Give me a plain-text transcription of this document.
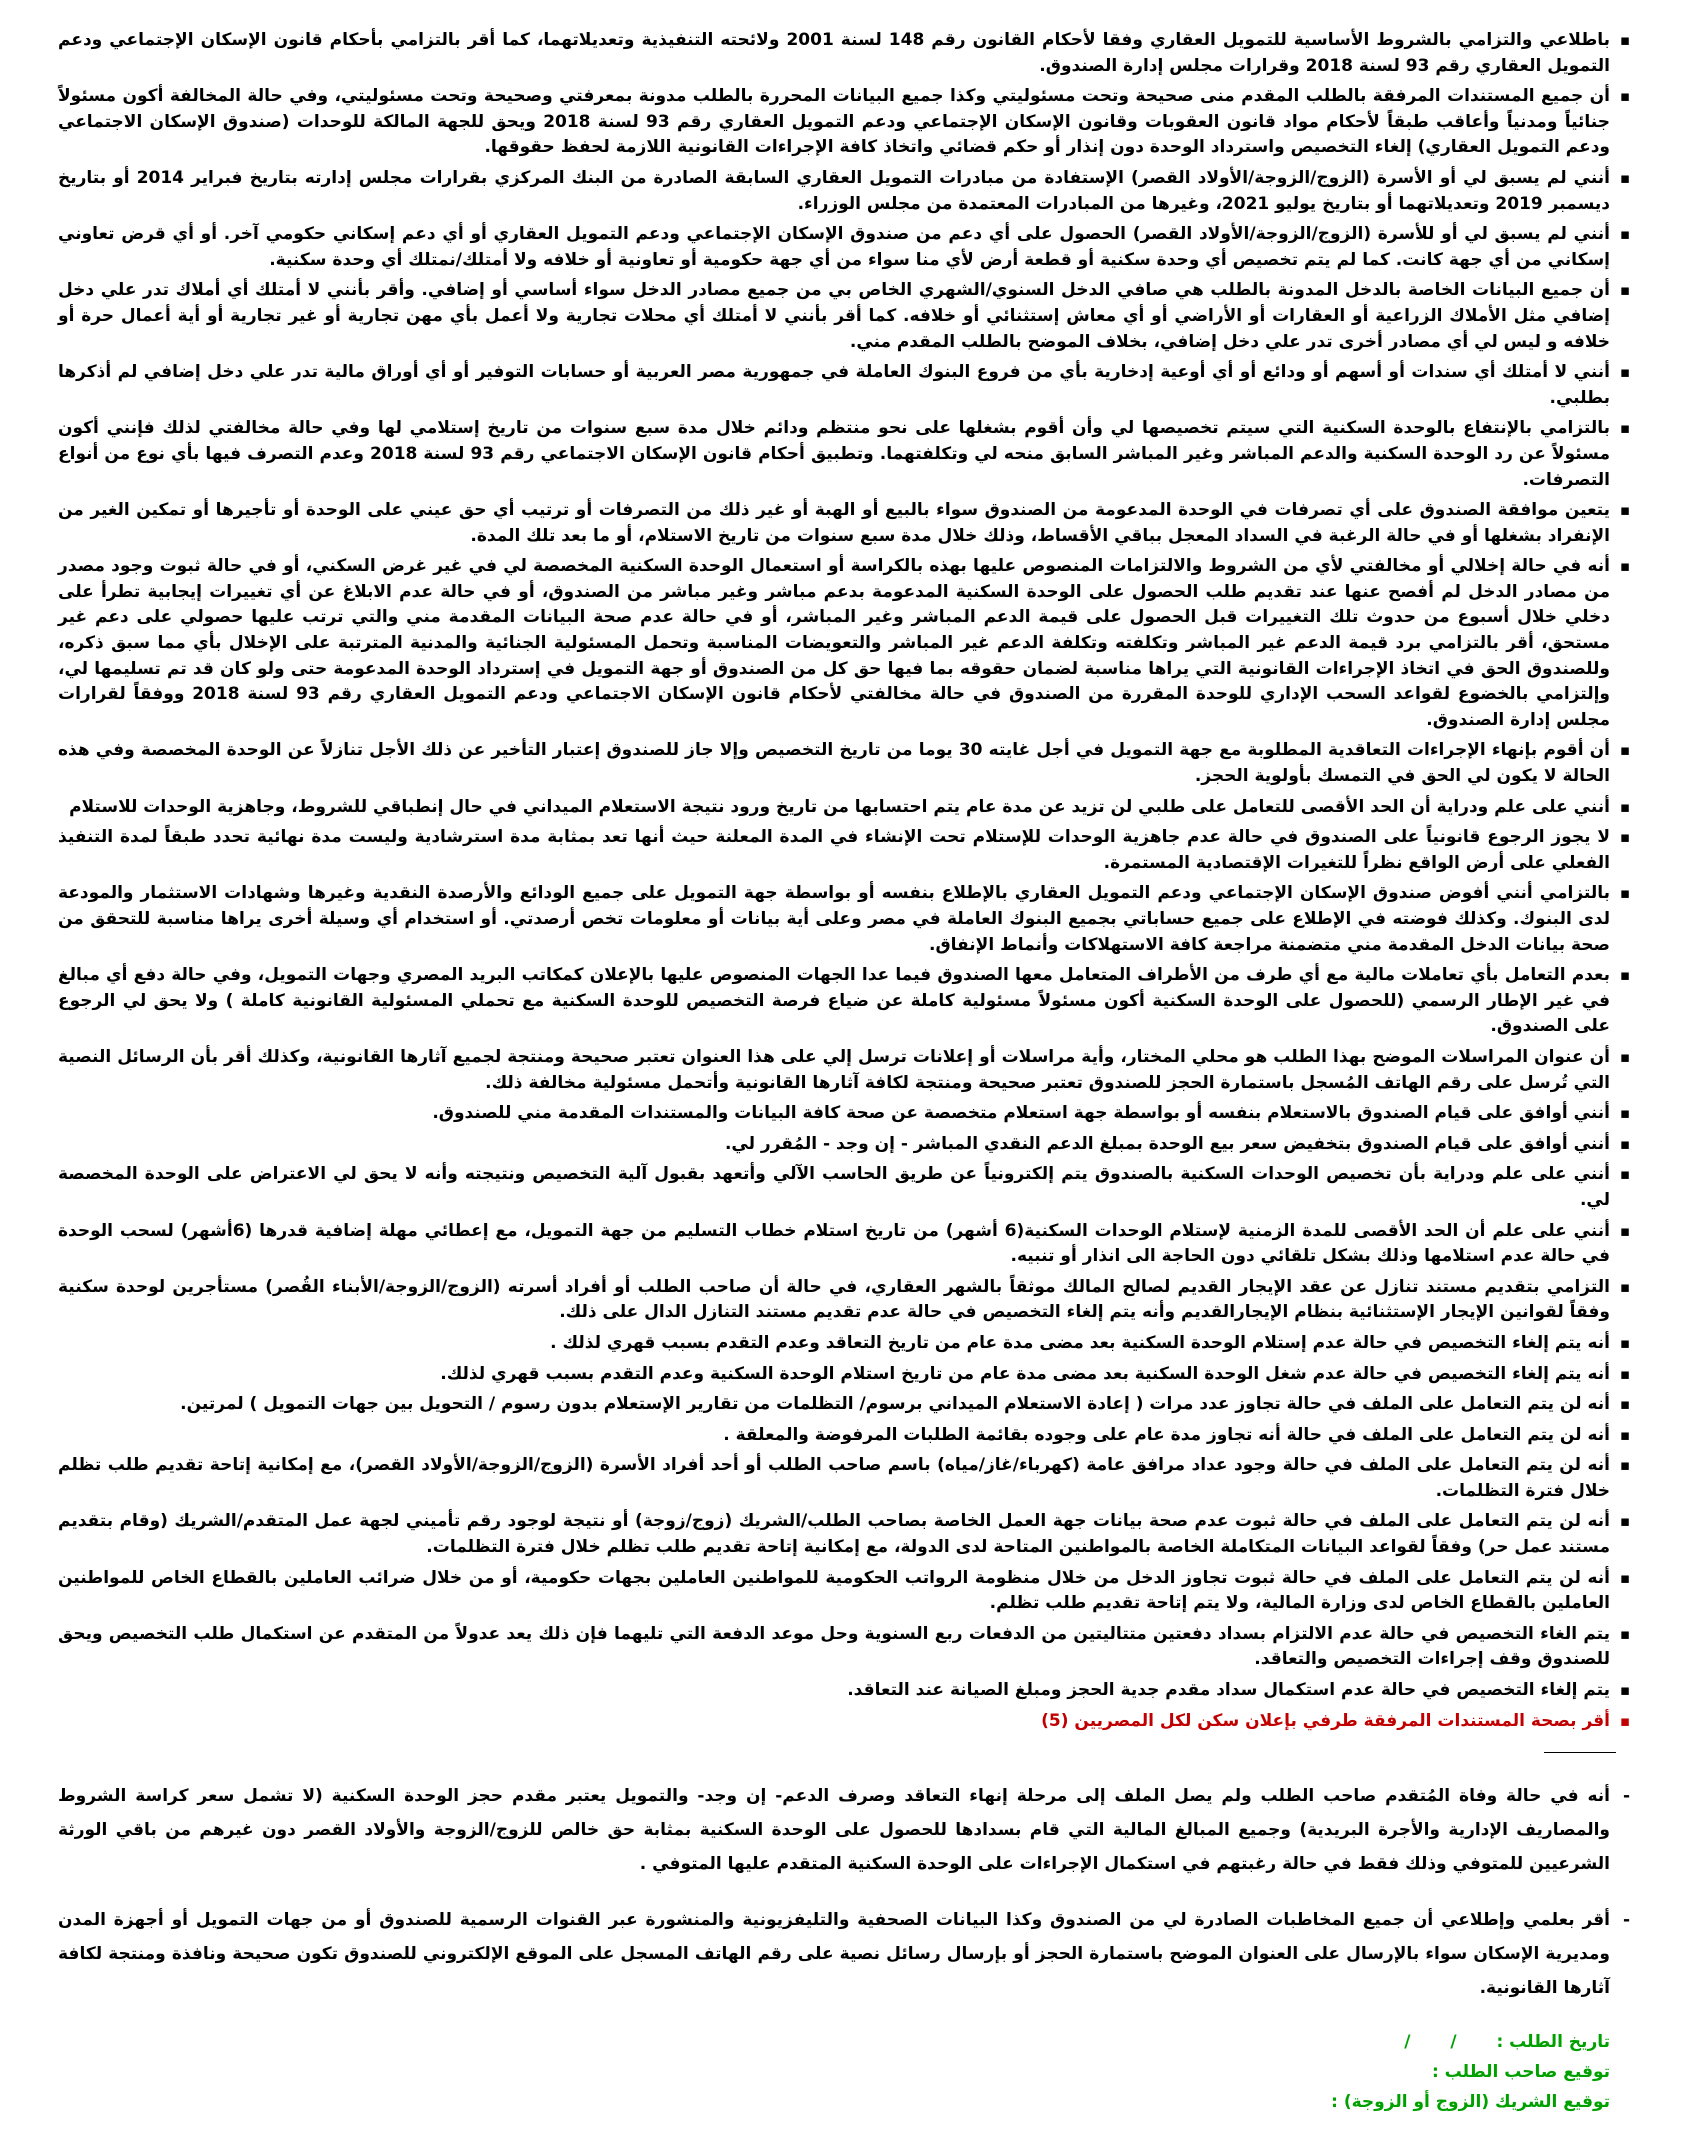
▪
باطلاعي والتزامي بالشروط الأساسية للتمويل العقاري وفقا لأحكام القانون رقم 148 لسنة 2001 ولائحته التنفيذية وتعديلاتهما، كما أقر بالتزامي بأحكام قانون الإسكان الإجتماعي ودعم التمويل العقاري رقم 93 لسنة 2018 وقرارات مجلس إدارة الصندوق.
▪
أن جميع المستندات المرفقة بالطلب المقدم منى صحيحة وتحت مسئوليتي وكذا جميع البيانات المحررة بالطلب مدونة بمعرفتي وصحيحة وتحت مسئوليتي، وفي حالة المخالفة أكون مسئولاً جنائياً ومدنياً وأعاقب طبقاً لأحكام مواد قانون العقوبات وقانون الإسكان الإجتماعي ودعم التمويل العقاري رقم 93 لسنة 2018 ويحق للجهة المالكة للوحدات (صندوق الإسكان الاجتماعي ودعم التمويل العقاري) إلغاء التخصيص واسترداد الوحدة دون إنذار أو حكم قضائي واتخاذ كافة الإجراءات القانونية اللازمة لحفظ حقوقها.
▪
أنني لم يسبق لي أو الأسرة (الزوج/الزوجة/الأولاد القصر) الإستفادة من مبادرات التمويل العقاري السابقة الصادرة من البنك المركزي بقرارات مجلس إدارته بتاريخ فبراير 2014 أو بتاريخ ديسمبر 2019 وتعديلاتهما أو بتاريخ يوليو 2021، وغيرها من المبادرات المعتمدة من مجلس الوزراء.
▪
أنني لم يسبق لي أو للأسرة (الزوج/الزوجة/الأولاد القصر) الحصول على أي دعم من صندوق الإسكان الإجتماعي ودعم التمويل العقاري أو أي دعم إسكاني حكومي آخر. أو أي قرض تعاوني إسكاني من أي جهة كانت. كما لم يتم تخصيص أي وحدة سكنية أو قطعة أرض لأي منا سواء من أي جهة حكومية أو تعاونية أو خلافه ولا أمتلك/نمتلك أي وحدة سكنية.
▪
أن جميع البيانات الخاصة بالدخل المدونة بالطلب هي صافي الدخل السنوي/الشهري الخاص بي من جميع مصادر الدخل سواء أساسي أو إضافي. وأقر بأنني لا أمتلك أي أملاك تدر علي دخل إضافي مثل الأملاك الزراعية أو العقارات أو الأراضي أو أي معاش إستثنائي أو خلافه. كما أقر بأنني لا أمتلك أي محلات تجارية ولا أعمل بأي مهن تجارية أو غير تجارية أو أية أعمال حرة أو خلافه و ليس لي أي مصادر أخرى تدر علي دخل إضافي، بخلاف الموضح بالطلب المقدم مني.
▪
أنني لا أمتلك أي سندات أو أسهم أو ودائع أو أي أوعية إدخارية بأي من فروع البنوك العاملة في جمهورية مصر العربية أو حسابات التوفير أو أي أوراق مالية تدر علي دخل إضافي لم أذكرها بطلبي.
▪
بالتزامي بالإنتفاع بالوحدة السكنية التي سيتم تخصيصها لي وأن أقوم بشغلها على نحو منتظم ودائم خلال مدة سبع سنوات من تاريخ إستلامي لها وفي حالة مخالفتي لذلك فإنني أكون مسئولاً عن رد الوحدة السكنية والدعم المباشر وغير المباشر السابق منحه لي وتكلفتهما. وتطبيق أحكام قانون الإسكان الاجتماعي رقم 93 لسنة 2018 وعدم التصرف فيها بأي نوع من أنواع التصرفات.
▪
يتعين موافقة الصندوق على أي تصرفات في الوحدة المدعومة من الصندوق سواء بالبيع أو الهبة أو غير ذلك من التصرفات أو ترتيب أي حق عيني على الوحدة أو تأجيرها أو تمكين الغير من الإنفراد بشغلها أو في حالة الرغبة في السداد المعجل بباقي الأقساط، وذلك خلال مدة سبع سنوات من تاريخ الاستلام، أو ما بعد تلك المدة.
▪
أنه في حالة إخلالي أو مخالفتي لأي من الشروط والالتزامات المنصوص عليها بهذه بالكراسة أو استعمال الوحدة السكنية المخصصة لي في غير غرض السكني، أو في حالة ثبوت وجود مصدر من مصادر الدخل لم أفصح عنها عند تقديم طلب الحصول على الوحدة السكنية المدعومة بدعم مباشر وغير مباشر من الصندوق، أو في حالة عدم الابلاغ عن أي تغييرات إيجابية تطرأ على دخلي خلال أسبوع من حدوث تلك التغييرات قبل الحصول على قيمة الدعم المباشر وغير المباشر، أو في حالة عدم صحة البيانات المقدمة مني والتي ترتب عليها حصولي على دعم غير مستحق، أقر بالتزامي برد قيمة الدعم غير المباشر وتكلفته وتكلفة الدعم غير المباشر والتعويضات المناسبة وتحمل المسئولية الجنائية والمدنية المترتبة على الإخلال بأي مما سبق ذكره، وللصندوق الحق في اتخاذ الإجراءات القانونية التي يراها مناسبة لضمان حقوقه بما فيها حق كل من الصندوق أو جهة التمويل في إسترداد الوحدة المدعومة حتى ولو كان قد تم تسليمها لي، وإلتزامي بالخضوع لقواعد السحب الإداري للوحدة المقررة من الصندوق في حالة مخالفتي لأحكام قانون الإسكان الاجتماعي ودعم التمويل العقاري رقم 93 لسنة 2018 ووفقاً لقرارات مجلس إدارة الصندوق.
▪
أن أقوم بإنهاء الإجراءات التعاقدية المطلوبة مع جهة التمويل في أجل غايته 30 يوما من تاريخ التخصيص وإلا جاز للصندوق إعتبار التأخير عن ذلك الأجل تنازلاً عن الوحدة المخصصة وفي هذه الحالة لا يكون لي الحق في التمسك بأولوية الحجز.
▪
أنني على علم ودراية أن الحد الأقصى للتعامل على طلبي لن تزيد عن مدة عام يتم احتسابها من تاريخ ورود نتيجة الاستعلام الميداني في حال إنطباقي للشروط، وجاهزية الوحدات للاستلام
▪
لا يجوز الرجوع قانونياً على الصندوق في حالة عدم جاهزية الوحدات للإستلام تحت الإنشاء في المدة المعلنة حيث أنها تعد بمثابة مدة استرشادية وليست مدة نهائية تحدد طبقاً لمدة التنفيذ الفعلي على أرض الواقع نظراً للتغيرات الإقتصادية المستمرة.
▪
بالتزامي أنني أفوض صندوق الإسكان الإجتماعي ودعم التمويل العقاري بالإطلاع بنفسه أو بواسطة جهة التمويل على جميع الودائع والأرصدة النقدية وغيرها وشهادات الاستثمار والمودعة لدى البنوك. وكذلك فوضته في الإطلاع على جميع حساباتي بجميع البنوك العاملة في مصر وعلى أية بيانات أو معلومات تخص أرصدتي. أو استخدام أي وسيلة أخرى يراها مناسبة للتحقق من صحة بيانات الدخل المقدمة مني متضمنة مراجعة كافة الاستهلاكات وأنماط الإنفاق.
▪
بعدم التعامل بأي تعاملات مالية مع أي طرف من الأطراف المتعامل معها الصندوق فيما عدا الجهات المنصوص عليها بالإعلان كمكاتب البريد المصري وجهات التمويل، وفي حالة دفع أي مبالغ في غير الإطار الرسمي (للحصول على الوحدة السكنية أكون مسئولاً مسئولية كاملة عن ضياع فرصة التخصيص للوحدة السكنية مع تحملي المسئولية القانونية كاملة ) ولا يحق لي الرجوع على الصندوق.
▪
أن عنوان المراسلات الموضح بهذا الطلب هو محلي المختار، وأية مراسلات أو إعلانات ترسل إلي على هذا العنوان تعتبر صحيحة ومنتجة لجميع آثارها القانونية، وكذلك أقر بأن الرسائل النصية التي تُرسل على رقم الهاتف المُسجل باستمارة الحجز للصندوق تعتبر صحيحة ومنتجة لكافة آثارها القانونية وأتحمل مسئولية مخالفة ذلك.
▪
أنني أوافق على قيام الصندوق بالاستعلام بنفسه أو بواسطة جهة استعلام متخصصة عن صحة كافة البيانات والمستندات المقدمة مني للصندوق.
▪
أنني أوافق على قيام الصندوق بتخفيض سعر بيع الوحدة بمبلغ الدعم النقدي المباشر - إن وجد - المُقرر لي.
▪
أنني على علم ودراية بأن تخصيص الوحدات السكنية بالصندوق يتم إلكترونياً عن طريق الحاسب الآلي وأتعهد بقبول آلية التخصيص ونتيجته وأنه لا يحق لي الاعتراض على الوحدة المخصصة لي.
▪
أنني على علم أن الحد الأقصى للمدة الزمنية لإستلام الوحدات السكنية(6 أشهر) من تاريخ استلام خطاب التسليم من جهة التمويل، مع إعطائي مهلة إضافية قدرها (6أشهر) لسحب الوحدة في حالة عدم استلامها وذلك بشكل تلقائي دون الحاجة الى انذار أو تنبيه.
▪
التزامي بتقديم مستند تنازل عن عقد الإيجار القديم لصالح المالك موثقاً بالشهر العقاري، في حالة أن صاحب الطلب أو أفراد أسرته (الزوج/الزوجة/الأبناء القُصر) مستأجرين لوحدة سكنية وفقاً لقوانين الإيجار الإستثنائية بنظام الإيجارالقديم وأنه يتم إلغاء التخصيص في حالة عدم تقديم مستند التنازل الدال على ذلك.
▪
أنه يتم إلغاء التخصيص في حالة عدم إستلام الوحدة السكنية بعد مضى مدة عام من تاريخ التعاقد وعدم التقدم بسبب قهري لذلك .
▪
أنه يتم إلغاء التخصيص في حالة عدم شغل الوحدة السكنية بعد مضى مدة عام من تاريخ استلام الوحدة السكنية وعدم التقدم بسبب قهري لذلك.
▪
أنه لن يتم التعامل على الملف في حالة تجاوز عدد مرات ( إعادة الاستعلام الميداني برسوم/ التظلمات من تقارير الإستعلام بدون رسوم / التحويل بين جهات التمويل ) لمرتين.
▪
أنه لن يتم التعامل على الملف في حالة أنه تجاوز مدة عام على وجوده بقائمة الطلبات المرفوضة والمعلقة .
▪
أنه لن يتم التعامل على الملف في حالة وجود عداد مرافق عامة (كهرباء/غاز/مياه) باسم صاحب الطلب أو أحد أفراد الأسرة (الزوج/الزوجة/الأولاد القصر)، مع إمكانية إتاحة تقديم طلب تظلم خلال فترة التظلمات.
▪
أنه لن يتم التعامل على الملف في حالة ثبوت عدم صحة بيانات جهة العمل الخاصة بصاحب الطلب/الشريك (زوج/زوجة) أو نتيجة لوجود رقم تأميني لجهة عمل المتقدم/الشريك (وقام بتقديم مستند عمل حر) وفقاً لقواعد البيانات المتكاملة الخاصة بالمواطنين المتاحة لدى الدولة، مع إمكانية إتاحة تقديم طلب تظلم خلال فترة التظلمات.
▪
أنه لن يتم التعامل على الملف في حالة ثبوت تجاوز الدخل من خلال منظومة الرواتب الحكومية للمواطنين العاملين بجهات حكومية، أو من خلال ضرائب العاملين بالقطاع الخاص للمواطنين العاملين بالقطاع الخاص لدى وزارة المالية، ولا يتم إتاحة تقديم طلب تظلم.
▪
يتم الغاء التخصيص في حالة عدم الالتزام بسداد دفعتين متتاليتين من الدفعات ربع السنوية وحل موعد الدفعة التي تليهما فإن ذلك يعد عدولاً من المتقدم عن استكمال طلب التخصيص ويحق للصندوق وقف إجراءات التخصيص والتعاقد.
▪
يتم إلغاء التخصيص في حالة عدم استكمال سداد مقدم جدية الحجز ومبلغ الصيانة عند التعاقد.
▪
أقر بصحة المستندات المرفقة طرفي بإعلان سكن لكل المصريين (5)

-
أنه في حالة وفاة المُتقدم صاحب الطلب ولم يصل الملف إلى مرحلة إنهاء التعاقد وصرف الدعم- إن وجد- والتمويل يعتبر مقدم حجز الوحدة السكنية (لا تشمل سعر كراسة الشروط والمصاريف الإدارية والأجرة البريدية) وجميع المبالغ المالية التي قام بسدادها للحصول على الوحدة السكنية بمثابة حق خالص للزوج/الزوجة والأولاد القصر دون غيرهم من باقي الورثة الشرعيين للمتوفي وذلك فقط في حالة رغبتهم في استكمال الإجراءات على الوحدة السكنية المتقدم عليها المتوفي .

-
أقر بعلمي وإطلاعي أن جميع المخاطبات الصادرة لي من الصندوق وكذا البيانات الصحفية والتليفزيونية والمنشورة عبر القنوات الرسمية للصندوق أو من جهات التمويل أو أجهزة المدن ومديرية الإسكان سواء بالإرسال على العنوان الموضح باستمارة الحجز أو بإرسال رسائل نصية على رقم الهاتف المسجل على الموقع الإلكتروني للصندوق تكون صحيحة ونافذة ومنتجة لكافة آثارها القانونية.

تاريخ الطلب : / /
توقيع صاحب الطلب :
توقيع الشريك (الزوج أو الزوجة) :
